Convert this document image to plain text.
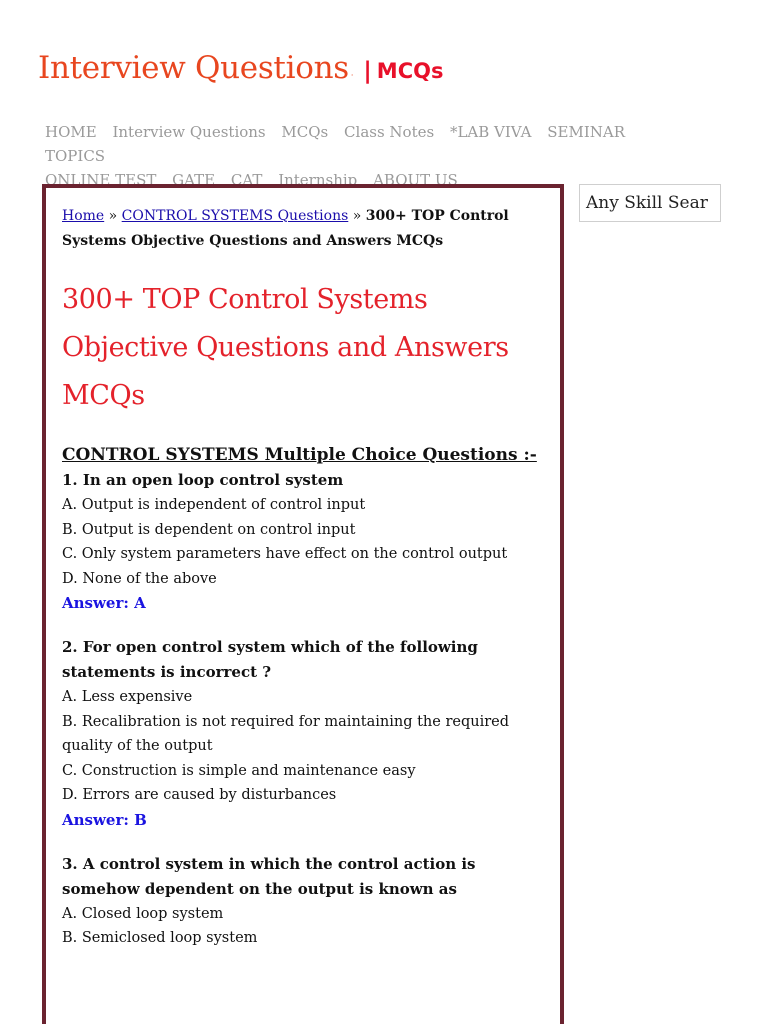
Interview Questions · | MCQs
HOME Interview Questions MCQs Class Notes *LAB VIVA SEMINAR TOPICS
ONLINE TEST GATE CAT Internship ABOUT US
Any Skill Sear
Home » CONTROL SYSTEMS Questions » 300+ TOP Control Systems Objective Questions and Answers MCQs
300+ TOP Control Systems Objective Questions and Answers MCQs
CONTROL SYSTEMS Multiple Choice Questions :-
1. In an open loop control system
A. Output is independent of control input
B. Output is dependent on control input
C. Only system parameters have effect on the control output
D. None of the above
Answer: A
2. For open control system which of the following statements is incorrect ?
A. Less expensive
B. Recalibration is not required for maintaining the required quality of the output
C. Construction is simple and maintenance easy
D. Errors are caused by disturbances
Answer: B
3. A control system in which the control action is somehow dependent on the output is known as
A. Closed loop system
B. Semiclosed loop system
